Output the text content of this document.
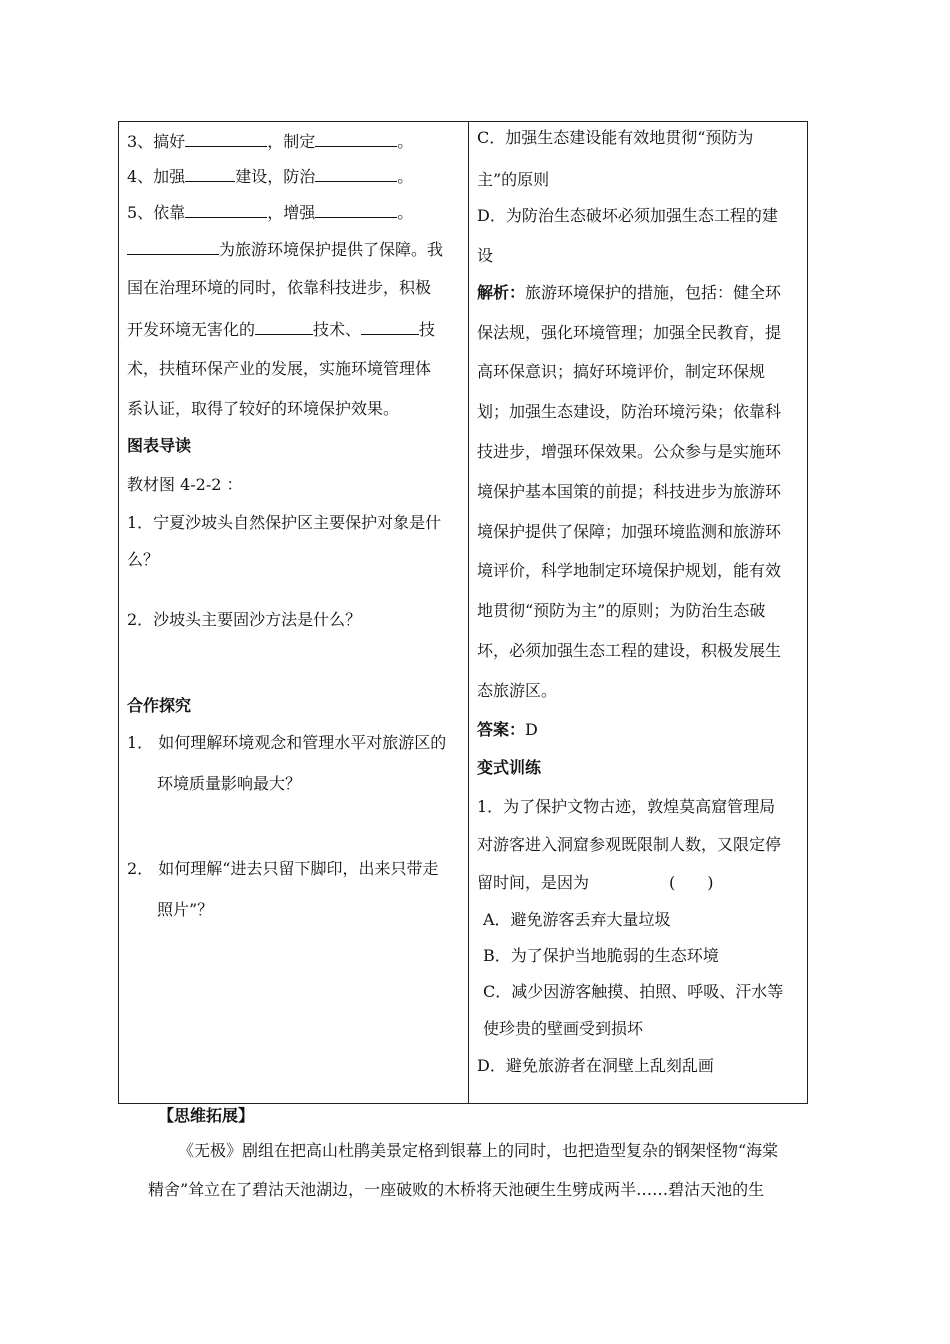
3、搞好	，制定	。
4、加强	建设，防治	。
5、依靠	，增强	。
为旅游环境保护提供了保障。我
国在治理环境的同时，依靠科技进步，积极
开发环境无害化的	技术、	技
术，扶植环保产业的发展，实施环境管理体
系认证，取得了较好的环境保护效果。
图表导读
教材图 4-2-2 ：
1．宁夏沙坡头自然保护区主要保护对象是什
么？
2．沙坡头主要固沙方法是什么？
合作探究
1． 如何理解环境观念和管理水平对旅游区的
环境质量影响最大？
2． 如何理解“进去只留下脚印，出来只带走
照片”？
C．加强生态建设能有效地贯彻“预防为
主”的原则
D．为防治生态破坏必须加强生态工程的建
设
解析：旅游环境保护的措施，包括：健全环
保法规，强化环境管理；加强全民教育，提
高环保意识；搞好环境评价，制定环保规
划；加强生态建设，防治环境污染；依靠科
技进步，增强环保效果。公众参与是实施环
境保护基本国策的前提；科技进步为旅游环
境保护提供了保障；加强环境监测和旅游环
境评价，科学地制定环境保护规划，能有效
地贯彻“预防为主”的原则；为防治生态破
坏，必须加强生态工程的建设，积极发展生
态旅游区。
答案：D
变式训练
1．为了保护文物古迹，敦煌莫高窟管理局
对游客进入洞窟参观既限制人数，又限定停
留时间，是因为	(　　)
A．避免游客丢弃大量垃圾
B．为了保护当地脆弱的生态环境
C．减少因游客触摸、拍照、呼吸、汗水等
使珍贵的壁画受到损坏
D．避免旅游者在洞壁上乱刻乱画
【思维拓展】
《无极》剧组在把高山杜鹃美景定格到银幕上的同时，也把造型复杂的钢架怪物“海棠
精舍”耸立在了碧沽天池湖边，一座破败的木桥将天池硬生生劈成两半……碧沽天池的生
